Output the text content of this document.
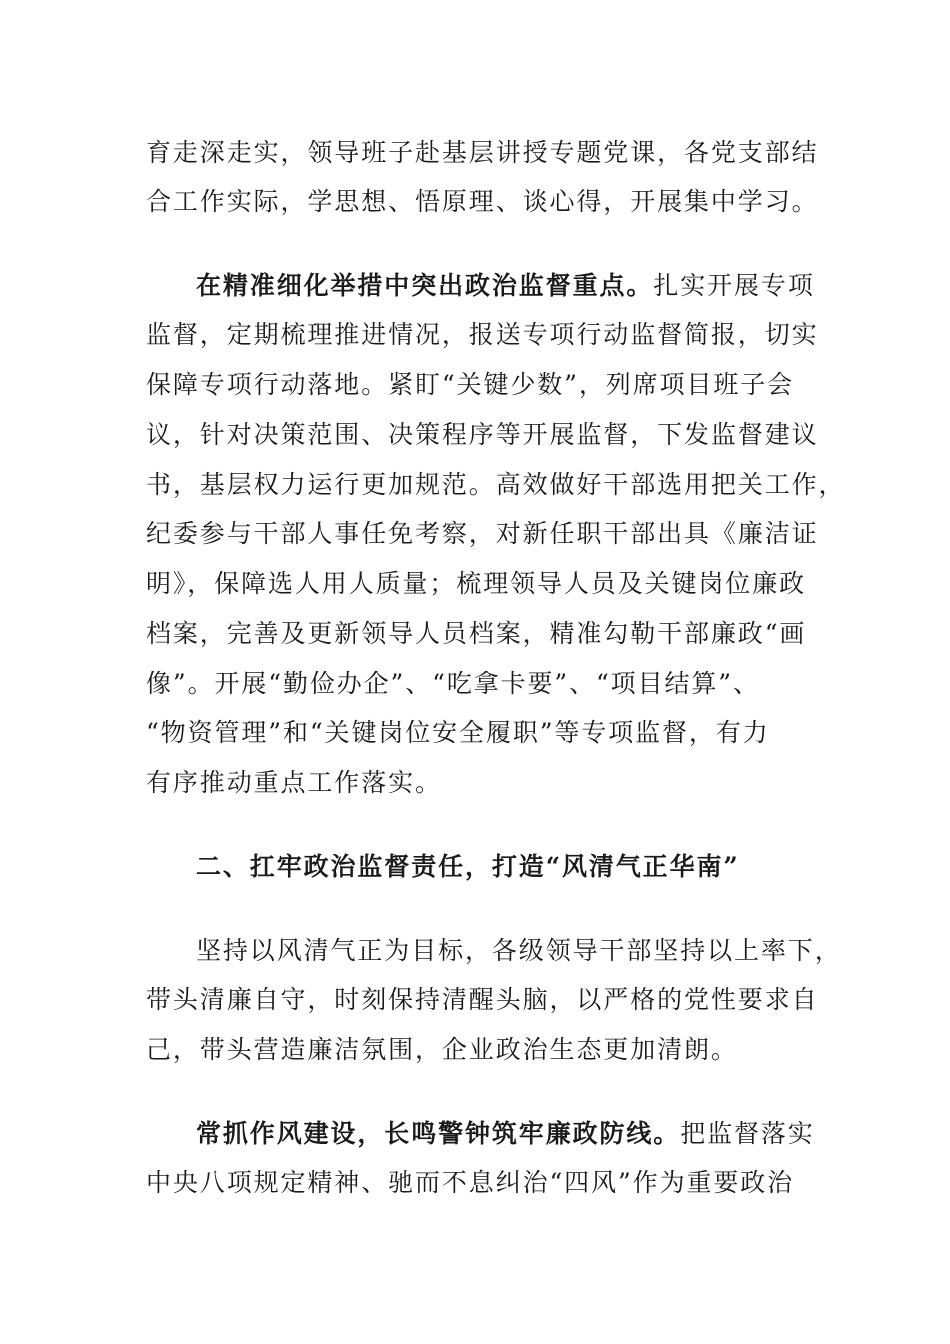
育走深走实，领导班子赴基层讲授专题党课，各党支部结
合工作实际，学思想、悟原理、谈心得，开展集中学习。
在精准细化举措中突出政治监督重点。扎实开展专项
监督，定期梳理推进情况，报送专项行动监督简报，切实
保障专项行动落地。紧盯“关键少数”，列席项目班子会
议，针对决策范围、决策程序等开展监督，下发监督建议
书，基层权力运行更加规范。高效做好干部选用把关工作，
纪委参与干部人事任免考察，对新任职干部出具《廉洁证
明》，保障选人用人质量；梳理领导人员及关键岗位廉政
档案，完善及更新领导人员档案，精准勾勒干部廉政“画
像”。开展“勤俭办企”、“吃拿卡要”、“项目结算”、
“物资管理”和“关键岗位安全履职”等专项监督，有力
有序推动重点工作落实。
二、扛牢政治监督责任，打造“风清气正华南”
坚持以风清气正为目标，各级领导干部坚持以上率下，
带头清廉自守，时刻保持清醒头脑，以严格的党性要求自
己，带头营造廉洁氛围，企业政治生态更加清朗。
常抓作风建设，长鸣警钟筑牢廉政防线。把监督落实
中央八项规定精神、驰而不息纠治“四风”作为重要政治
